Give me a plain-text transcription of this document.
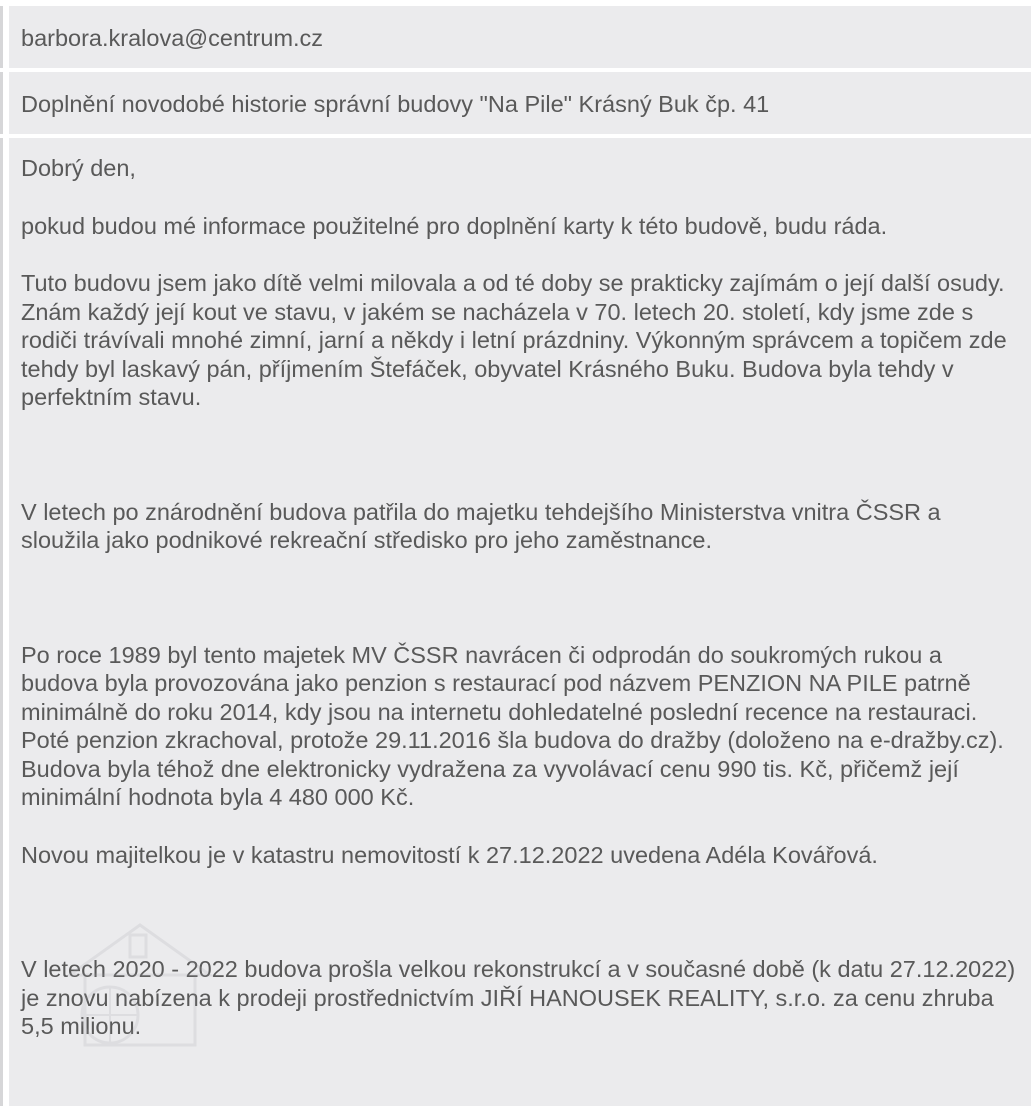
barbora.kralova@centrum.cz

Doplnění novodobé historie správní budovy "Na Pile" Krásný Buk čp. 41

Dobrý den,

pokud budou mé informace použitelné pro doplnění karty k této budově, budu ráda.

Tuto budovu jsem jako dítě velmi milovala a od té doby se prakticky zajímám o její další osudy. Znám každý její kout ve stavu, v jakém se nacházela v 70. letech 20. století, kdy jsme zde s rodiči trávívali mnohé zimní, jarní a někdy i letní prázdniny. Výkonným správcem a topičem zde tehdy byl laskavý pán, příjmením Štefáček, obyvatel Krásného Buku. Budova byla tehdy v perfektním stavu.

V letech po znárodnění budova patřila do majetku tehdejšího Ministerstva vnitra ČSSR a sloužila jako podnikové rekreační středisko pro jeho zaměstnance.

Po roce 1989 byl tento majetek MV ČSSR navrácen či odprodán do soukromých rukou a budova byla provozována jako penzion s restaurací pod názvem PENZION NA PILE patrně minimálně do roku 2014, kdy jsou na internetu dohledatelné poslední recence na restauraci. Poté penzion zkrachoval, protože 29.11.2016 šla budova do dražby (doloženo na e-dražby.cz). Budova byla téhož dne elektronicky vydražena za vyvolávací cenu 990 tis. Kč, přičemž její minimální hodnota byla 4 480 000 Kč.

Novou majitelkou je v katastru nemovitostí k 27.12.2022 uvedena Adéla Kovářová.

V letech 2020 - 2022 budova prošla velkou rekonstrukcí a v současné době (k datu 27.12.2022) je znovu nabízena k prodeji prostřednictvím JIŘÍ HANOUSEK REALITY, s.r.o. za cenu zhruba 5,5 milionu.
